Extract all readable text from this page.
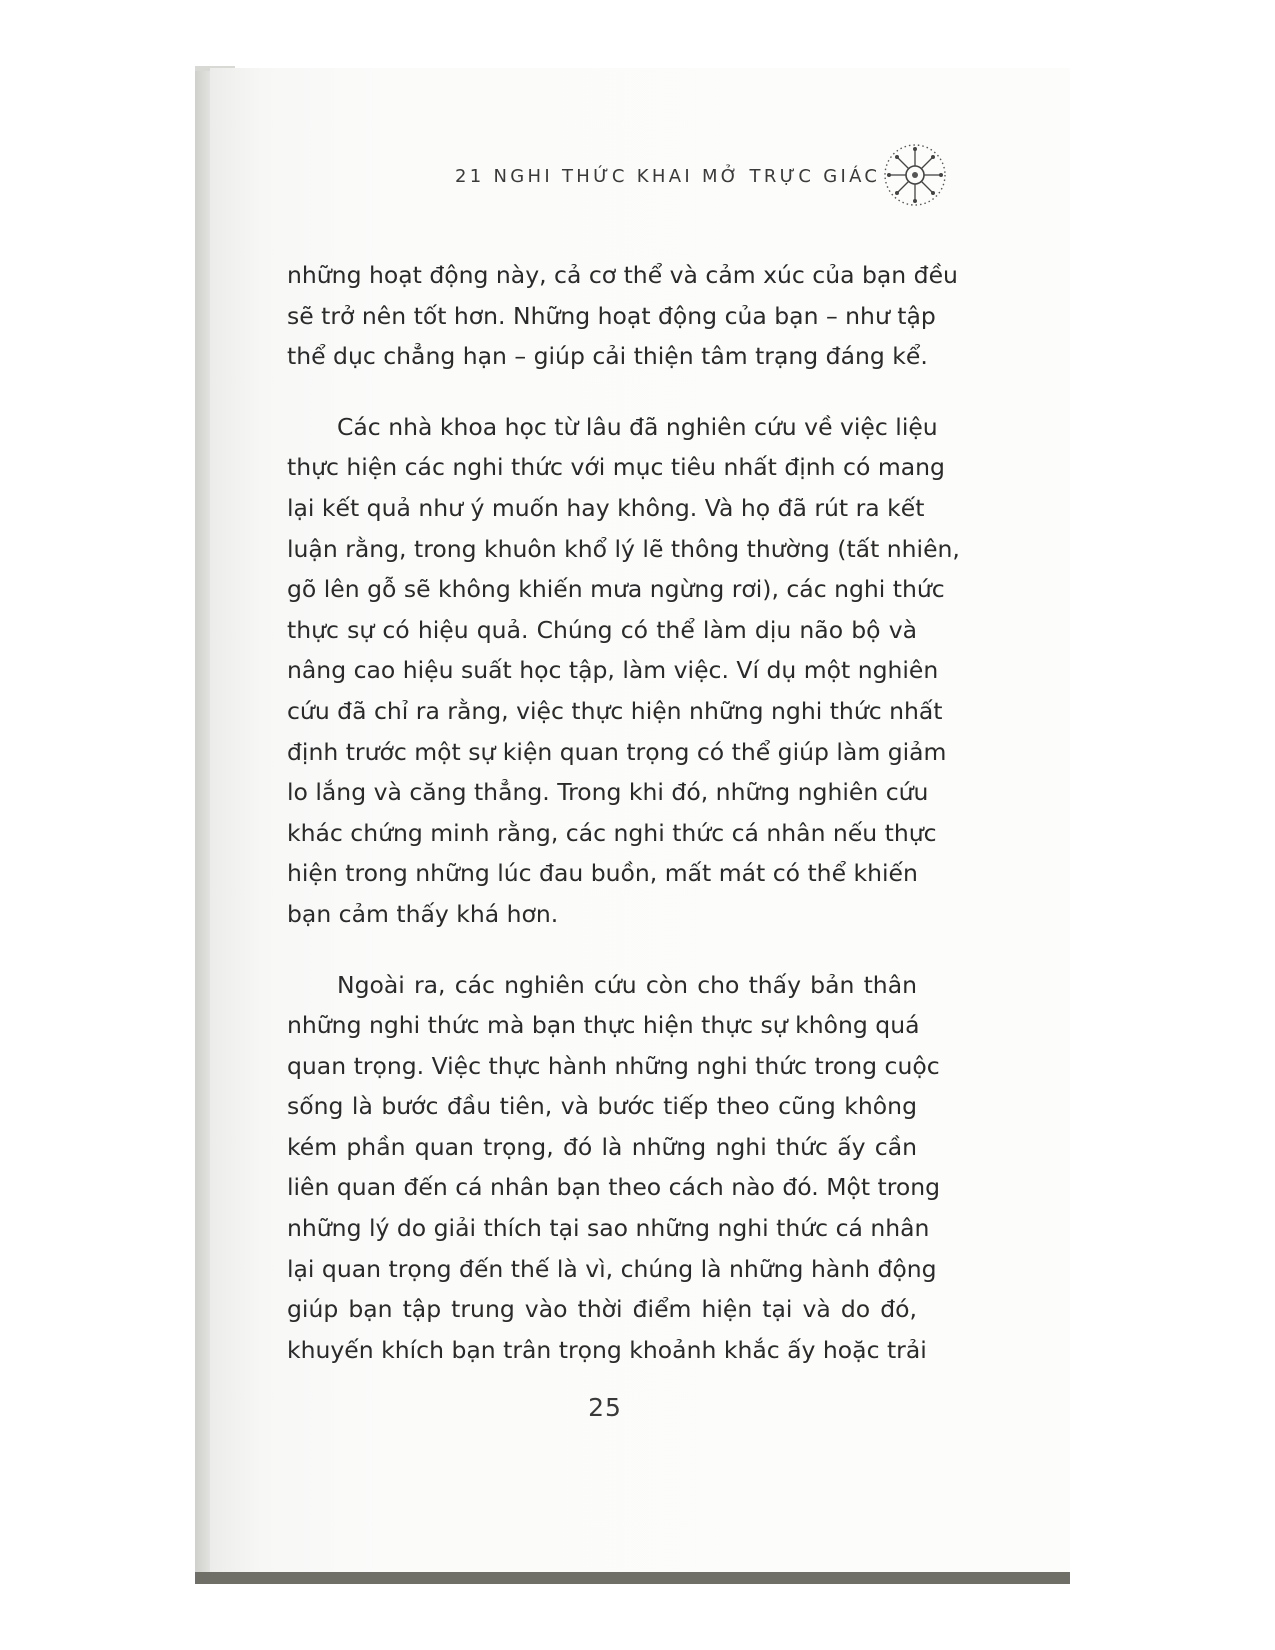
21 NGHI THỨC KHAI MỞ TRỰC GIÁC
những hoạt động này, cả cơ thể và cảm xúc của bạn đều
sẽ trở nên tốt hơn. Những hoạt động của bạn – như tập
thể dục chẳng hạn – giúp cải thiện tâm trạng đáng kể.
Các nhà khoa học từ lâu đã nghiên cứu về việc liệu
thực hiện các nghi thức với mục tiêu nhất định có mang
lại kết quả như ý muốn hay không. Và họ đã rút ra kết
luận rằng, trong khuôn khổ lý lẽ thông thường (tất nhiên,
gõ lên gỗ sẽ không khiến mưa ngừng rơi), các nghi thức
thực sự có hiệu quả. Chúng có thể làm dịu não bộ và
nâng cao hiệu suất học tập, làm việc. Ví dụ một nghiên
cứu đã chỉ ra rằng, việc thực hiện những nghi thức nhất
định trước một sự kiện quan trọng có thể giúp làm giảm
lo lắng và căng thẳng. Trong khi đó, những nghiên cứu
khác chứng minh rằng, các nghi thức cá nhân nếu thực
hiện trong những lúc đau buồn, mất mát có thể khiến
bạn cảm thấy khá hơn.
Ngoài ra, các nghiên cứu còn cho thấy bản thân
những nghi thức mà bạn thực hiện thực sự không quá
quan trọng. Việc thực hành những nghi thức trong cuộc
sống là bước đầu tiên, và bước tiếp theo cũng không
kém phần quan trọng, đó là những nghi thức ấy cần
liên quan đến cá nhân bạn theo cách nào đó. Một trong
những lý do giải thích tại sao những nghi thức cá nhân
lại quan trọng đến thế là vì, chúng là những hành động
giúp bạn tập trung vào thời điểm hiện tại và do đó,
khuyến khích bạn trân trọng khoảnh khắc ấy hoặc trải
25
